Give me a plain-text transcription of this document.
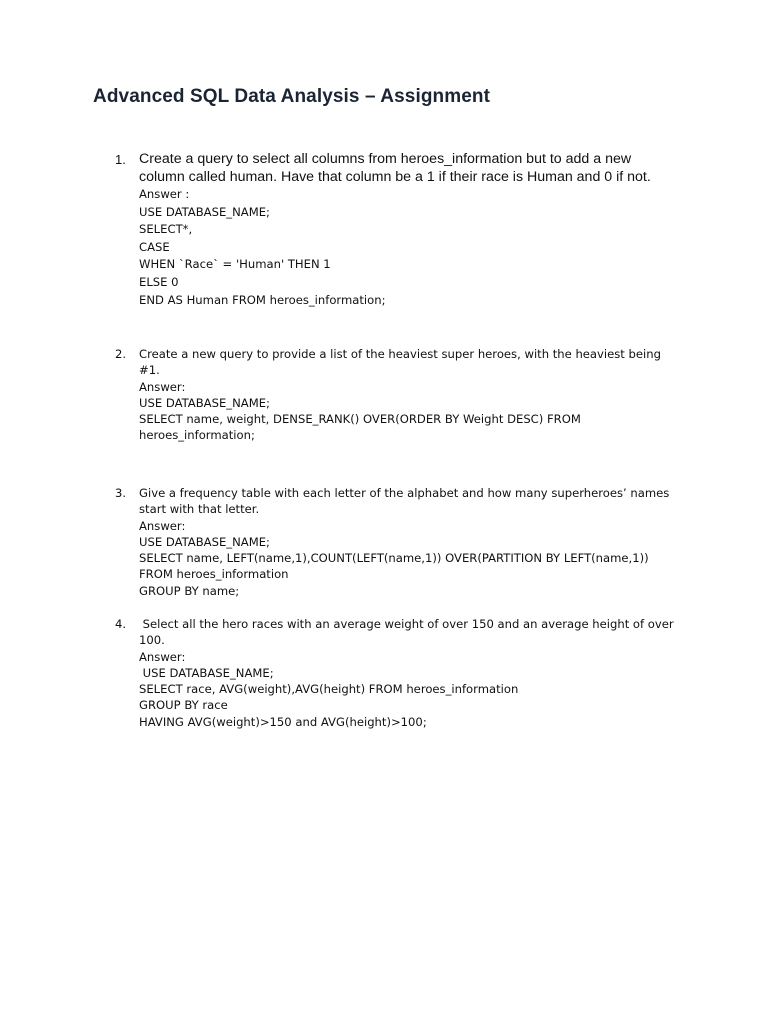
Advanced SQL Data Analysis – Assignment
1. Create a query to select all columns from heroes_information but to add a new
column called human. Have that column be a 1 if their race is Human and 0 if not.
Answer :
USE DATABASE_NAME;
SELECT*,
CASE
WHEN `Race` = 'Human' THEN 1
ELSE 0
END AS Human FROM heroes_information;
2. Create a new query to provide a list of the heaviest super heroes, with the heaviest being
#1.
Answer:
USE DATABASE_NAME;
SELECT name, weight, DENSE_RANK() OVER(ORDER BY Weight DESC) FROM
heroes_information;
3. Give a frequency table with each letter of the alphabet and how many superheroes’ names
start with that letter.
Answer:
USE DATABASE_NAME;
SELECT name, LEFT(name,1),COUNT(LEFT(name,1)) OVER(PARTITION BY LEFT(name,1))
FROM heroes_information
GROUP BY name;
4. Select all the hero races with an average weight of over 150 and an average height of over
100.
Answer:
USE DATABASE_NAME;
SELECT race, AVG(weight),AVG(height) FROM heroes_information
GROUP BY race
HAVING AVG(weight)>150 and AVG(height)>100;
